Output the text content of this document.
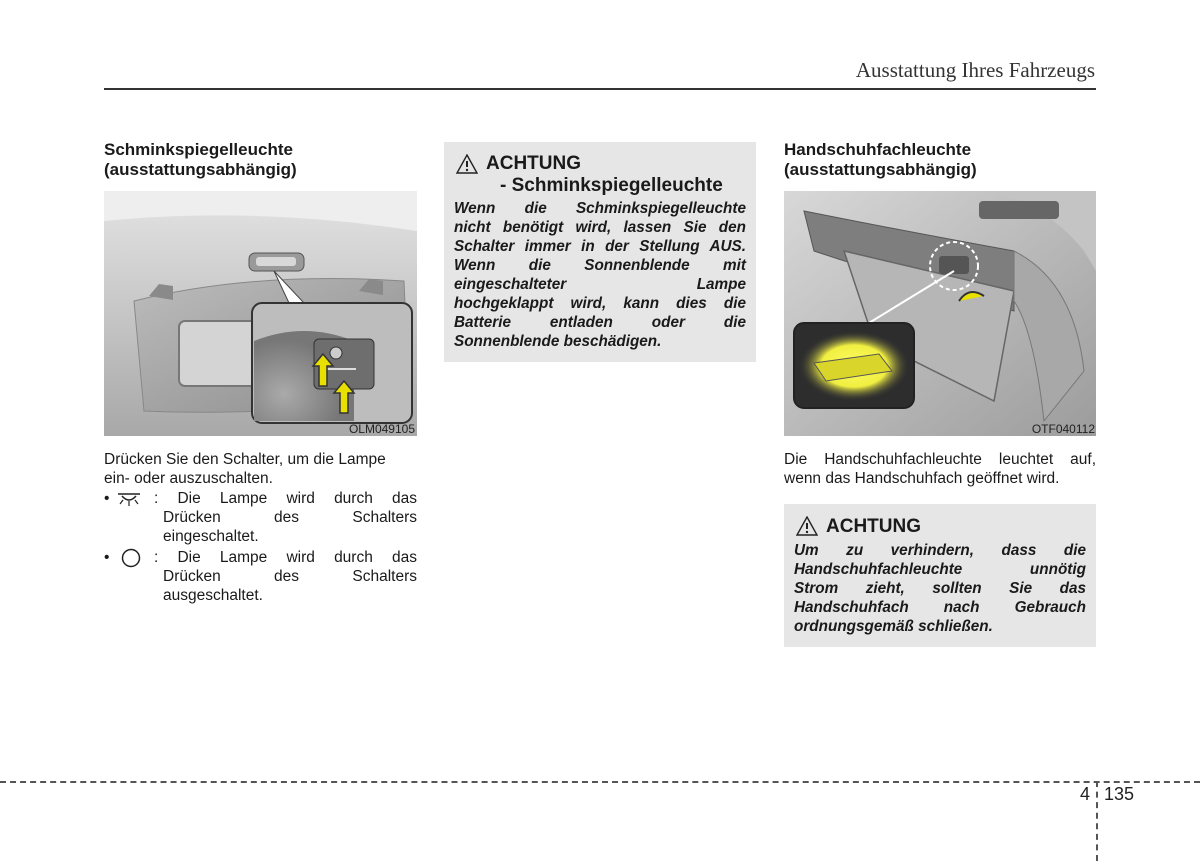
Ausstattung Ihres Fahrzeugs
Schminkspiegelleuchte
(ausstattungsabhängig)
OLM049105
Drücken Sie den Schalter, um die Lampe
ein- oder auszuschalten.
•	: Die Lampe wird durch das
Drücken des Schalters
eingeschaltet.
•	: Die Lampe wird durch das
Drücken des Schalters
ausgeschaltet.
ACHTUNG
- Schminkspiegelleuchte
Wenn die Schminkspiegelleuchte
nicht benötigt wird, lassen Sie den
Schalter immer in der Stellung AUS.
Wenn die Sonnenblende mit
eingeschalteter Lampe
hochgeklappt wird, kann dies die
Batterie entladen oder die
Sonnenblende beschädigen.
Handschuhfachleuchte
(ausstattungsabhängig)
OTF040112
Die Handschuhfachleuchte leuchtet auf,
wenn das Handschuhfach geöffnet wird.
ACHTUNG
Um zu verhindern, dass die
Handschuhfachleuchte unnötig
Strom zieht, sollten Sie das
Handschuhfach nach Gebrauch
ordnungsgemäß schließen.
4 135
